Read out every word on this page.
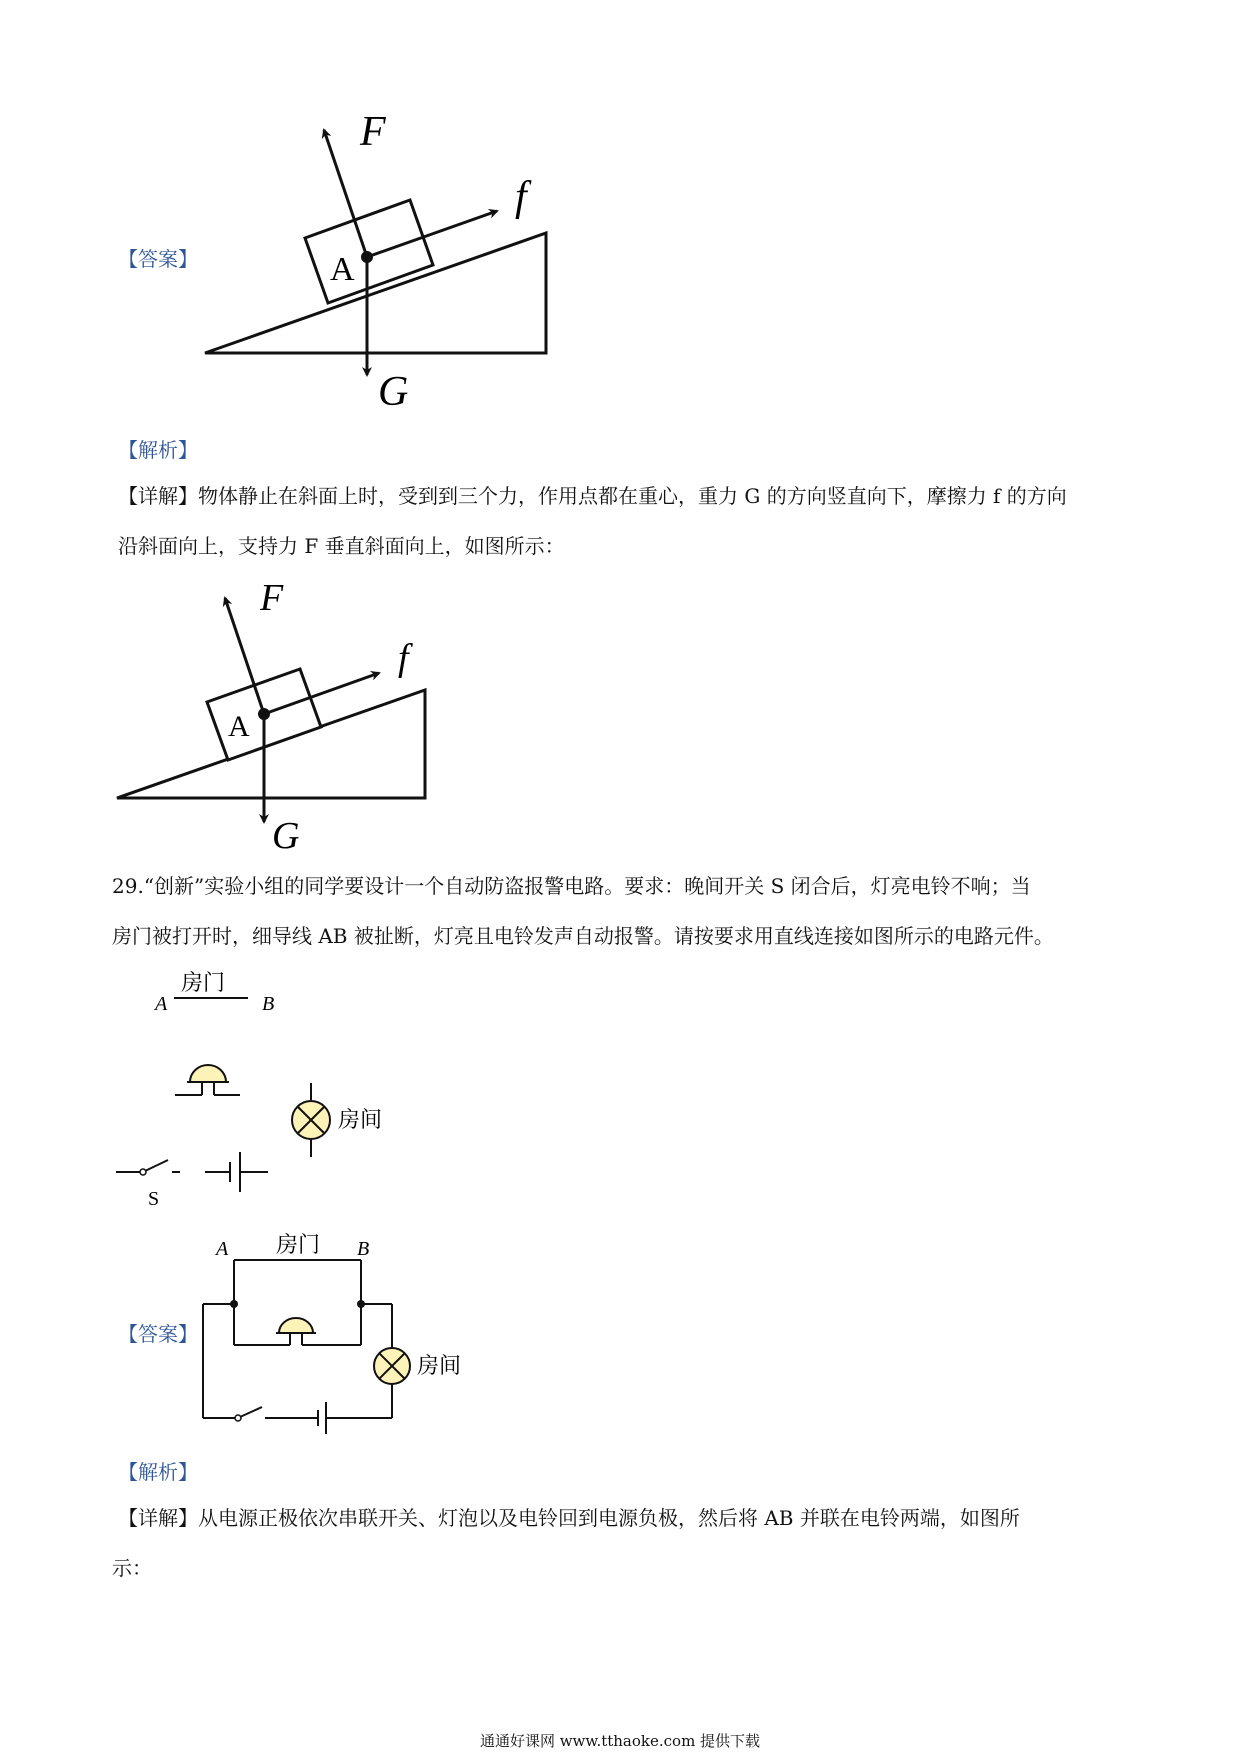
【答案】	A
F
f
G
【解析】
【详解】物体静止在斜面上时，受到到三个力，作用点都在重心，重力 G 的方向竖直向下，摩擦力 f 的方向
沿斜面向上，支持力 F 垂直斜面向上，如图所示：
A
F
f
G
29.“创新”实验小组的同学要设计一个自动防盗报警电路。要求：晚间开关 S 闭合后，灯亮电铃不响；当
房门被打开时，细导线 AB 被扯断，灯亮且电铃发声自动报警。请按要求用直线连接如图所示的电路元件。
A
房门
B
房间
S
【答案】
A 房门 B
房间
【解析】
【详解】从电源正极依次串联开关、灯泡以及电铃回到电源负极，然后将 AB 并联在电铃两端，如图所
示：
通通好课网 www.tthaoke.com 提供下载
